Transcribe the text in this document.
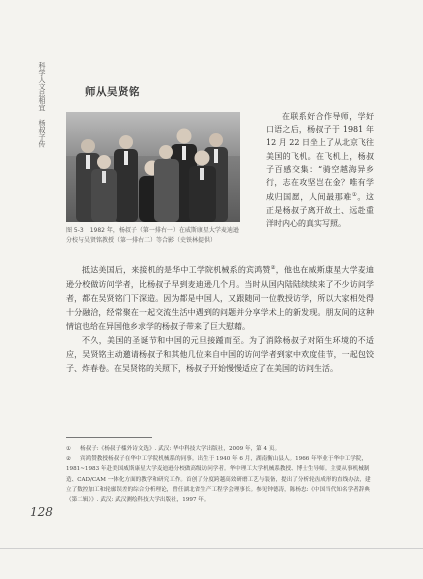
科学人文总相宜 杨叔子传
师从吴贤铭
图 5-3　1982 年，杨叔子（第一排右一）在威斯康星大学麦迪逊分校与吴贤铭教授（第一排右二）等合影（史铁林提供）

在联系好合作导师，学好口语之后，杨叔子于 1981 年 12 月 22 日坐上了从北京飞往美国的飞机。在飞机上，杨叔子百感交集：“骑空越海异乡行，志在攻坚岂在金？唯有学成归国愿，人间最那难①。这正是杨叔子离开故土、远赴重洋时内心的真实写照。

抵达美国后，来接机的是华中工学院机械系的宾鸿赞②，他也在威斯康星大学麦迪逊分校做访问学者，比杨叔子早到麦迪逊几个月。当时从国内陆陆续续来了不少访问学者，都在吴贤铭门下深造。因为都是中国人，又跟随同一位教授访学，所以大家相处得十分融洽，经常聚在一起交流生活中遇到的问题并分享学术上的新发现。朋友间的这种情谊也给在异国他乡求学的杨叔子带来了巨大慰藉。

不久，美国的圣诞节和中国的元旦接踵而至。为了消除杨叔子对陌生环境的不适应，吴贤铭主动邀请杨叔子和其他几位来自中国的访问学者到家中欢度佳节，一起包饺子、炸春卷。在吴贤铭的关照下，杨叔子开始慢慢适应了在美国的访问生活。

① 杨叔子:《杨叔子槛外诗文选》. 武汉: 华中科技大学出版社，2009 年，第 4 页。

② 宾鸿赞教授杨叔子在华中工学院机械系的同事。出生于 1940 年 6 月，湖南衡山县人。1966 年毕业于华中工学院，1981~1983 年赴美国威斯康星大学麦迪逊分校做高级访问学者。华中理工大学机械系教授、博士生导师。主要从事机械制造、CAD/CAM 一体化方面的教学和研究工作。首创了分度跨越高效研磨工艺与装备，提出了分析轮齿成形的直线办法，建立了数控加工和轮廓误差的综合分析理论，曾任湖北省生产工程学会理事长。参见钟德涛，陈杨忠:《中国当代知名学者辞典（第二辑）》. 武汉: 武汉测绘科技大学出版社，1997 年。

128
